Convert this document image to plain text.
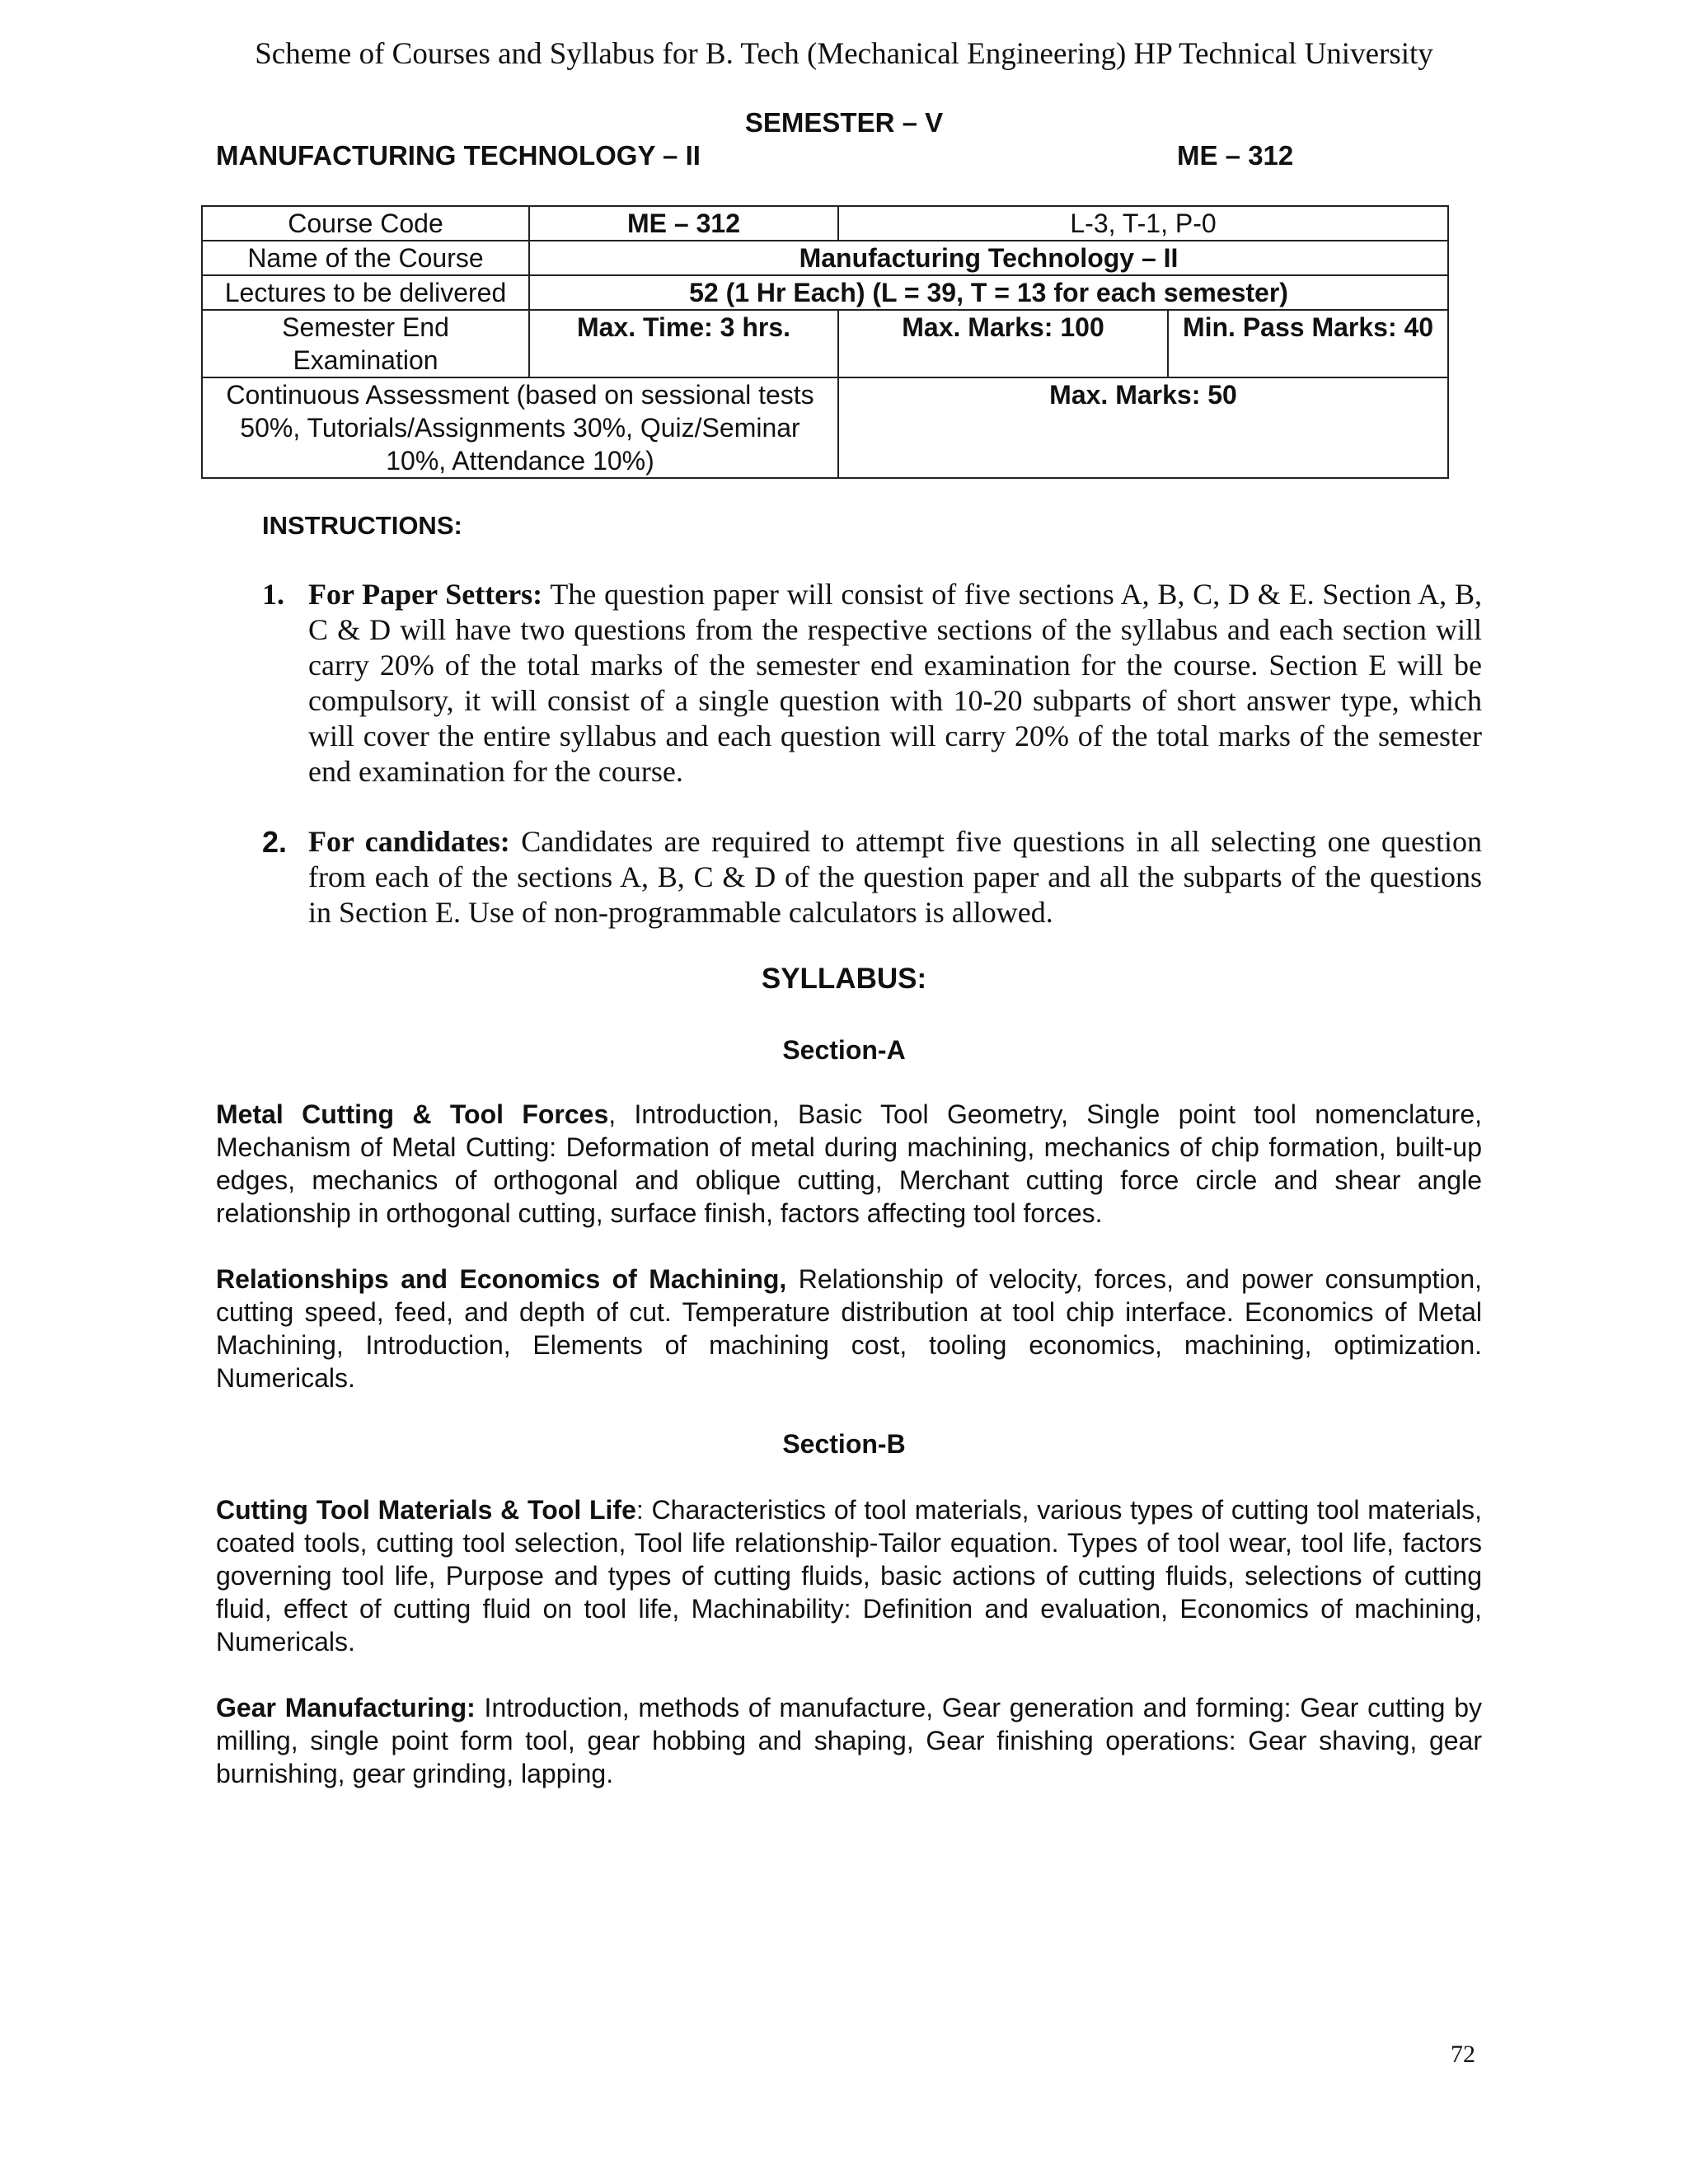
Scheme of Courses and Syllabus for B. Tech (Mechanical Engineering) HP Technical University
SEMESTER – V
MANUFACTURING TECHNOLOGY – II	ME – 312
Course Code	ME – 312	L-3, T-1, P-0	
Name of the Course	Manufacturing Technology – II		
Lectures to be delivered	52 (1 Hr Each) (L = 39, T = 13 for each semester)		
Semester End Examination	Max. Time: 3 hrs.	Max. Marks: 100	Min. Pass Marks: 40
Continuous Assessment (based on sessional tests 50%, Tutorials/Assignments 30%, Quiz/Seminar 10%, Attendance 10%)		Max. Marks: 50	
INSTRUCTIONS:
1. For Paper Setters: The question paper will consist of five sections A, B, C, D & E. Section A, B, C & D will have two questions from the respective sections of the syllabus and each section will carry 20% of the total marks of the semester end examination for the course. Section E will be compulsory, it will consist of a single question with 10-20 subparts of short answer type, which will cover the entire syllabus and each question will carry 20% of the total marks of the semester end examination for the course.
2. For candidates: Candidates are required to attempt five questions in all selecting one question from each of the sections A, B, C & D of the question paper and all the subparts of the questions in Section E. Use of non-programmable calculators is allowed.
SYLLABUS:
Section-A
Metal Cutting & Tool Forces, Introduction, Basic Tool Geometry, Single point tool nomenclature, Mechanism of Metal Cutting: Deformation of metal during machining, mechanics of chip formation, built-up edges, mechanics of orthogonal and oblique cutting, Merchant cutting force circle and shear angle relationship in orthogonal cutting, surface finish, factors affecting tool forces.
Relationships and Economics of Machining, Relationship of velocity, forces, and power consumption, cutting speed, feed, and depth of cut. Temperature distribution at tool chip interface. Economics of Metal Machining, Introduction, Elements of machining cost, tooling economics, machining, optimization. Numericals.
Section-B
Cutting Tool Materials & Tool Life: Characteristics of tool materials, various types of cutting tool materials, coated tools, cutting tool selection, Tool life relationship-Tailor equation. Types of tool wear, tool life, factors governing tool life, Purpose and types of cutting fluids, basic actions of cutting fluids, selections of cutting fluid, effect of cutting fluid on tool life, Machinability: Definition and evaluation, Economics of machining, Numericals.
Gear Manufacturing: Introduction, methods of manufacture, Gear generation and forming: Gear cutting by milling, single point form tool, gear hobbing and shaping, Gear finishing operations: Gear shaving, gear burnishing, gear grinding, lapping.
72
